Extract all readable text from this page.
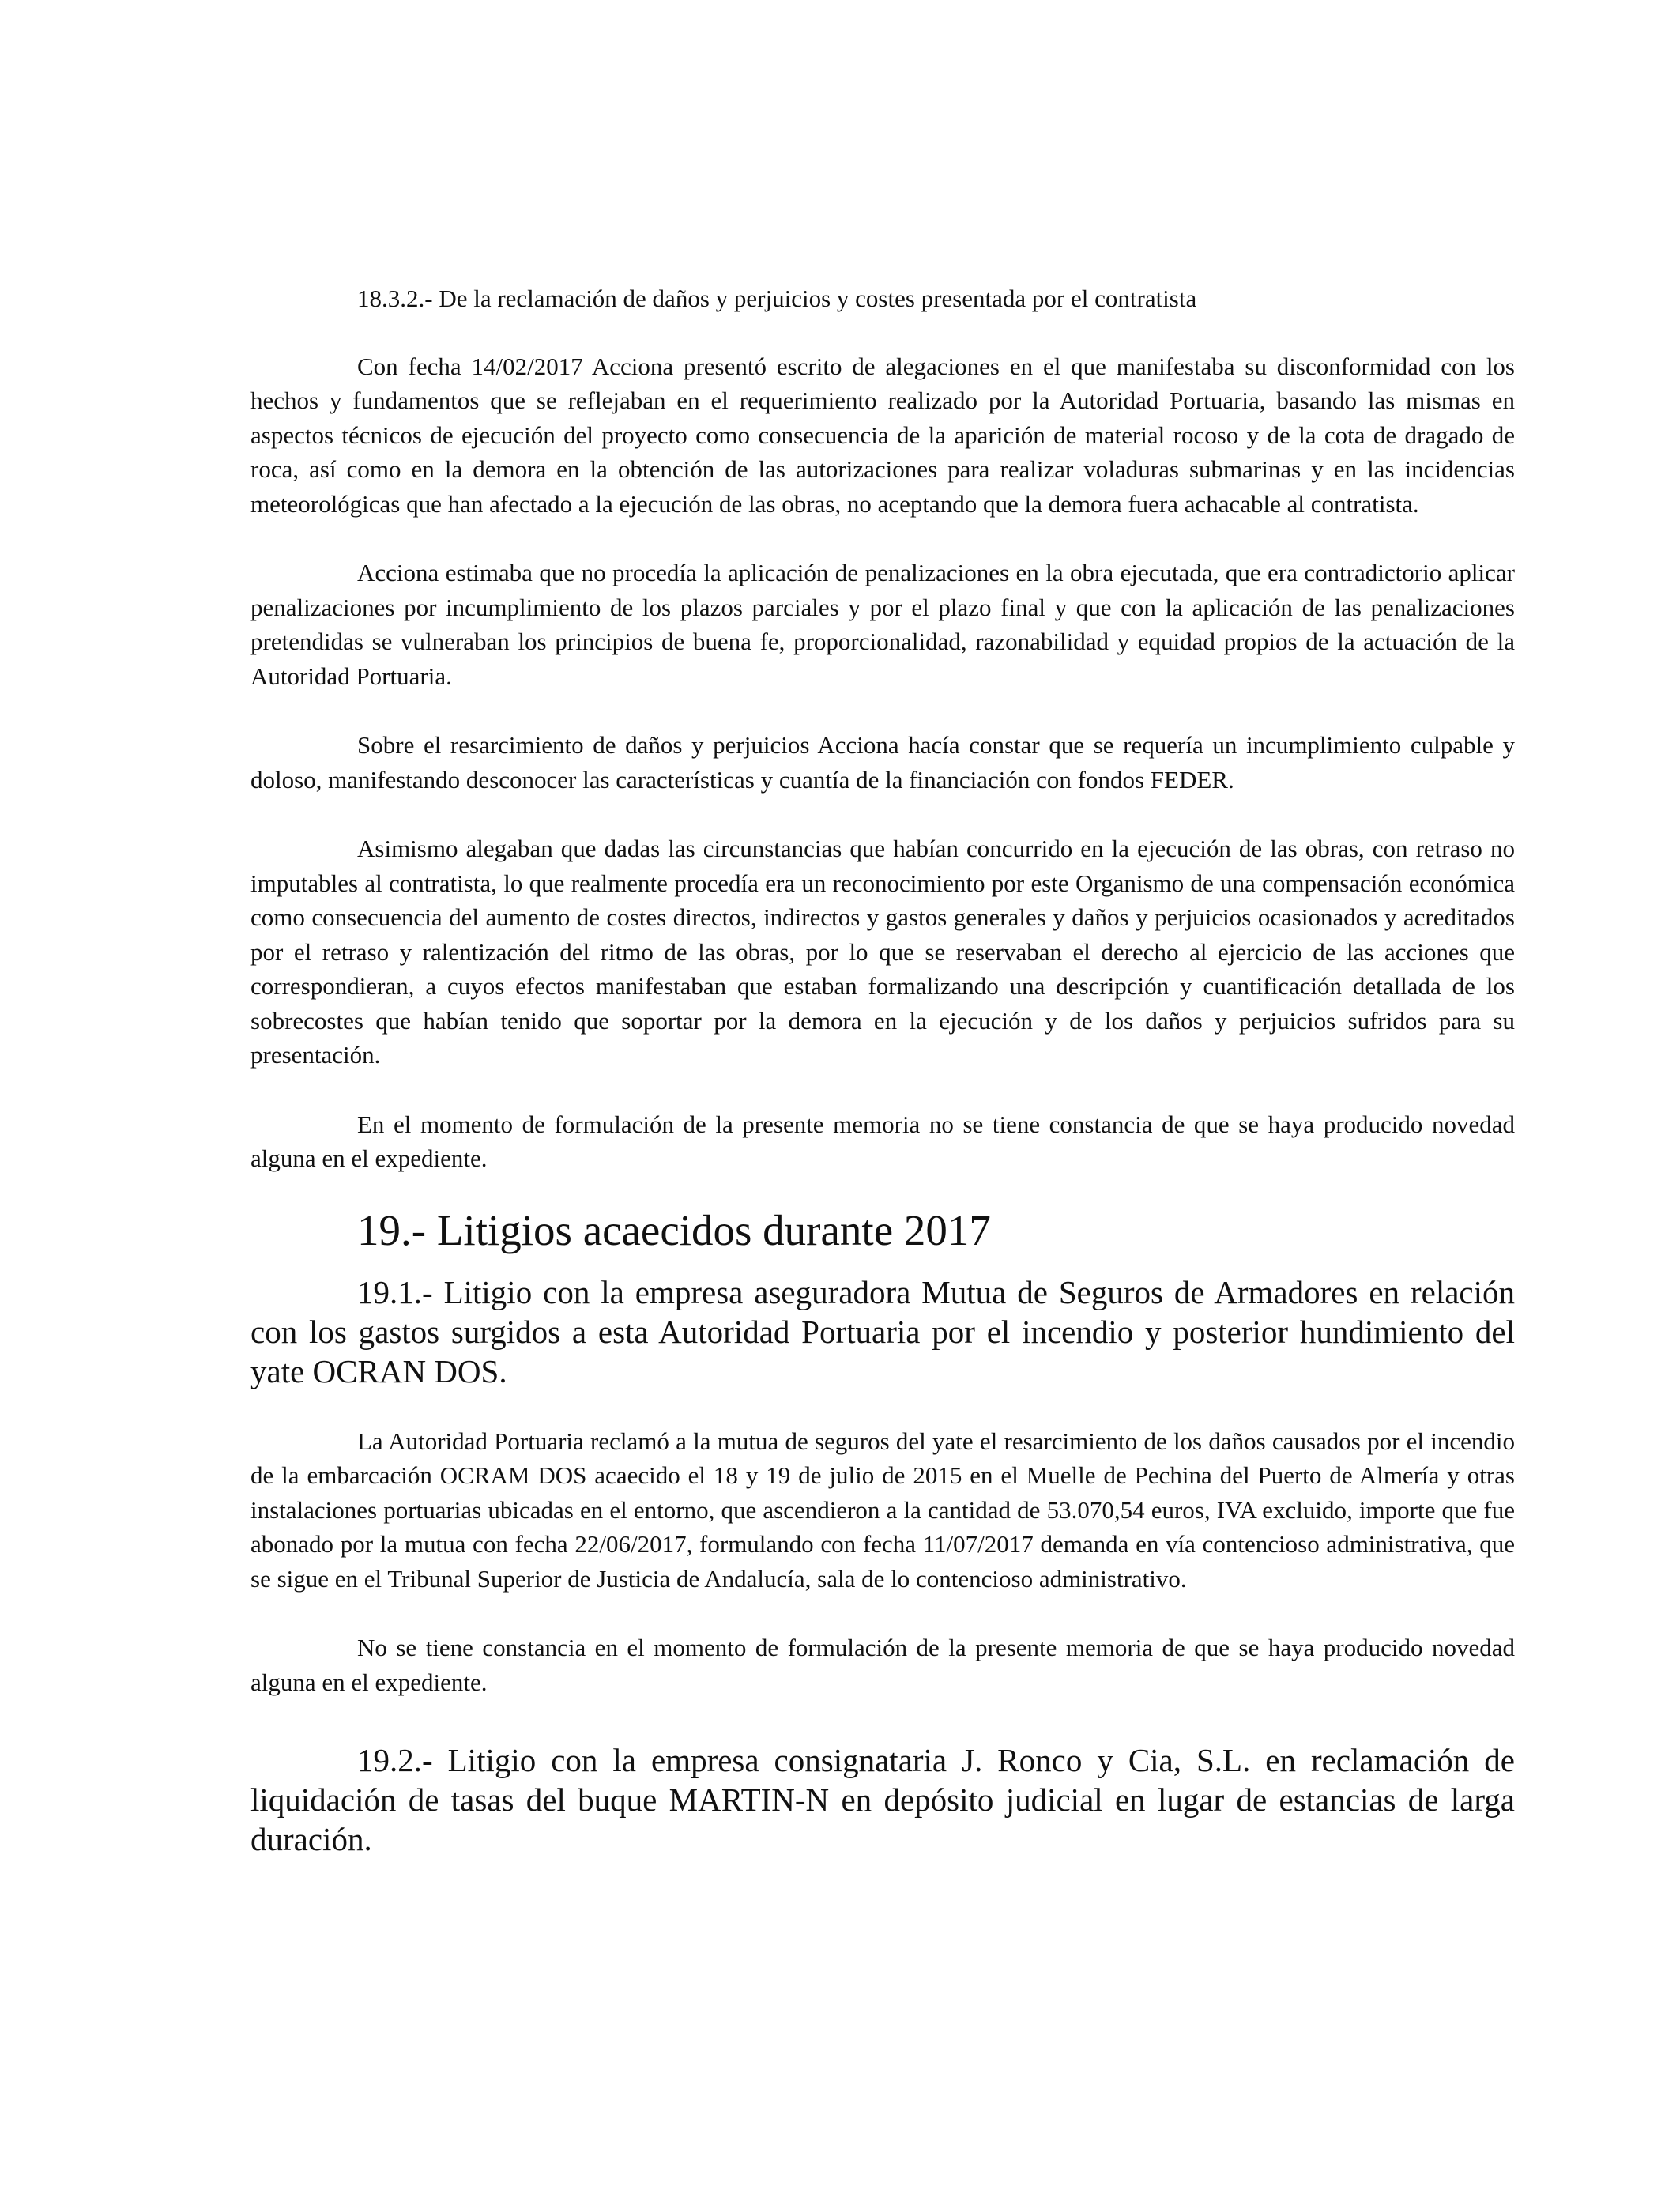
18.3.2.- De la reclamación de daños y perjuicios y costes presentada por el contratista

Con fecha 14/02/2017 Acciona presentó escrito de alegaciones en el que manifestaba su disconformidad con los hechos y fundamentos que se reflejaban en el requerimiento realizado por la Autoridad Portuaria, basando las mismas en aspectos técnicos de ejecución del proyecto como consecuencia de la aparición de material rocoso y de la cota de dragado de roca, así como en la demora en la obtención de las autorizaciones para realizar voladuras submarinas y en las incidencias meteorológicas que han afectado a la ejecución de las obras, no aceptando que la demora fuera achacable al contratista.

Acciona estimaba que no procedía la aplicación de penalizaciones en la obra ejecutada, que era contradictorio aplicar penalizaciones por incumplimiento de los plazos parciales y por el plazo final y que con la aplicación de las penalizaciones pretendidas se vulneraban los principios de buena fe, proporcionalidad, razonabilidad y equidad propios de la actuación de la Autoridad Portuaria.

Sobre el resarcimiento de daños y perjuicios Acciona hacía constar que se requería un incumplimiento culpable y doloso, manifestando desconocer las características y cuantía de la financiación con fondos FEDER.

Asimismo alegaban que dadas las circunstancias que habían concurrido en la ejecución de las obras, con retraso no imputables al contratista, lo que realmente procedía era un reconocimiento por este Organismo de una compensación económica como consecuencia del aumento de costes directos, indirectos y gastos generales y daños y perjuicios ocasionados y acreditados por el retraso y ralentización del ritmo de las obras, por lo que se reservaban el derecho al ejercicio de las acciones que correspondieran, a cuyos efectos manifestaban que estaban formalizando una descripción y cuantificación detallada de los sobrecostes que habían tenido que soportar por la demora en la ejecución y de los daños y perjuicios sufridos para su presentación.

En el momento de formulación de la presente memoria no se tiene constancia de que se haya producido novedad alguna en el expediente.

19.- Litigios acaecidos durante 2017
19.1.- Litigio con la empresa aseguradora Mutua de Seguros de Armadores en relación con los gastos surgidos a esta Autoridad Portuaria por el incendio y posterior hundimiento del yate OCRAN DOS.

La Autoridad Portuaria reclamó a la mutua de seguros del yate el resarcimiento de los daños causados por el incendio de la embarcación OCRAM DOS acaecido el 18 y 19 de julio de 2015 en el Muelle de Pechina del Puerto de Almería y otras instalaciones portuarias ubicadas en el entorno, que ascendieron a la cantidad de 53.070,54 euros, IVA excluido, importe que fue abonado por la mutua con fecha 22/06/2017, formulando con fecha 11/07/2017 demanda en vía contencioso administrativa, que se sigue en el Tribunal Superior de Justicia de Andalucía, sala de lo contencioso administrativo.

No se tiene constancia en el momento de formulación de la presente memoria de que se haya producido novedad alguna en el expediente.

19.2.- Litigio con la empresa consignataria J. Ronco y Cia, S.L. en reclamación de liquidación de tasas del buque MARTIN-N en depósito judicial en lugar de estancias de larga duración.
